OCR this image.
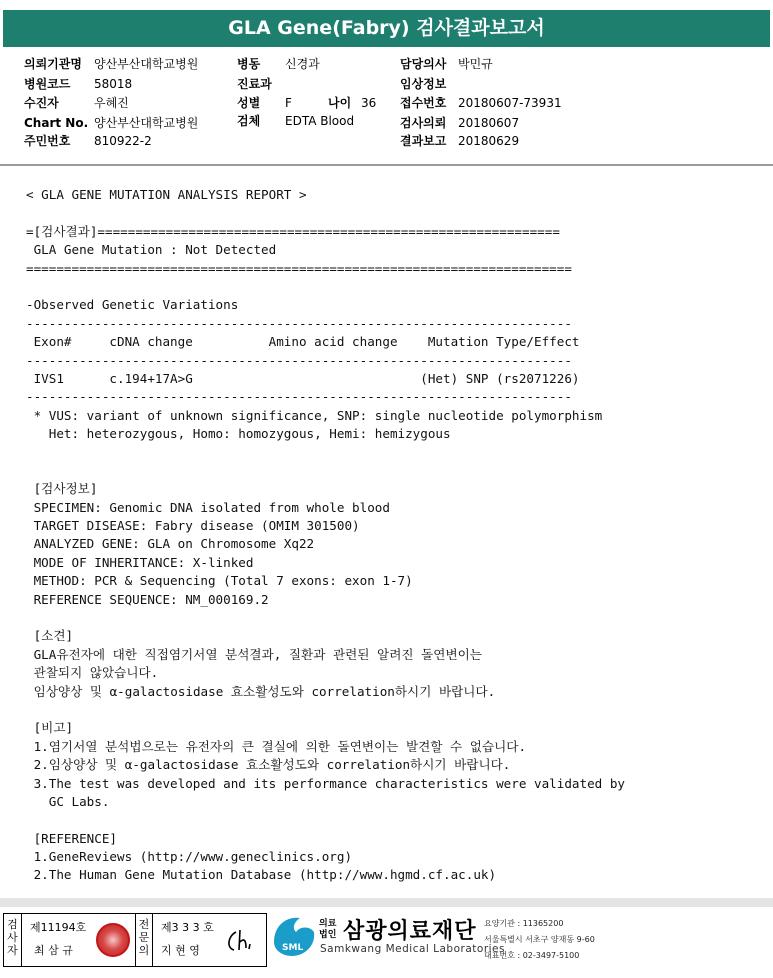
GLA Gene(Fabry) 검사결과보고서
의뢰기관명 양산부산대학교병원
병원코드 58018
수진자	우혜진
Chart No. 양산부산대학교병원
주민번호 810922-2
병동 신경과
진료과
성별 F	나이 36
검체 EDTA Blood
담당의사 박민규
임상정보
접수번호 20180607-73931
검사의뢰 20180607
결과보고 20180629
< GLA GENE MUTATION ANALYSIS REPORT >
=[검사결과]=============================================================
GLA Gene Mutation : Not Detected
========================================================================
-Observed Genetic Variations
------------------------------------------------------------------------
Exon#     cDNA change          Amino acid change    Mutation Type/Effect
------------------------------------------------------------------------
IVS1      c.194+17A>G                              (Het) SNP (rs2071226)
------------------------------------------------------------------------
* VUS: variant of unknown significance, SNP: single nucleotide polymorphism
Het: heterozygous, Homo: homozygous, Hemi: hemizygous
[검사정보]
SPECIMEN: Genomic DNA isolated from whole blood
TARGET DISEASE: Fabry disease (OMIM 301500)
ANALYZED GENE: GLA on Chromosome Xq22
MODE OF INHERITANCE: X-linked
METHOD: PCR & Sequencing (Total 7 exons: exon 1-7)
REFERENCE SEQUENCE: NM_000169.2
[소견]
GLA유전자에 대한 직접염기서열 분석결과, 질환과 관련된 알려진 돌연변이는
관찰되지 않았습니다.
임상양상 및 α-galactosidase 효소활성도와 correlation하시기 바랍니다.
[비고]
1.염기서열 분석법으로는 유전자의 큰 결실에 의한 돌연변이는 발견할 수 없습니다.
2.임상양상 및 α-galactosidase 효소활성도와 correlation하시기 바랍니다.
3.The test was developed and its performance characteristics were validated by
GC Labs.
[REFERENCE]
1.GeneReviews (http://www.geneclinics.org)
2.The Human Gene Mutation Database (http://www.hgmd.cf.ac.uk)
검사자
제11194호
최 삼 규
전문의
제3 3 3 호
지 현 영	SML
의료법인 삼광의료재단
Samkwang Medical Laboratories
요양기관 : 11365200
서울특별시 서초구 양재동 9-60
대표번호 : 02-3497-5100
